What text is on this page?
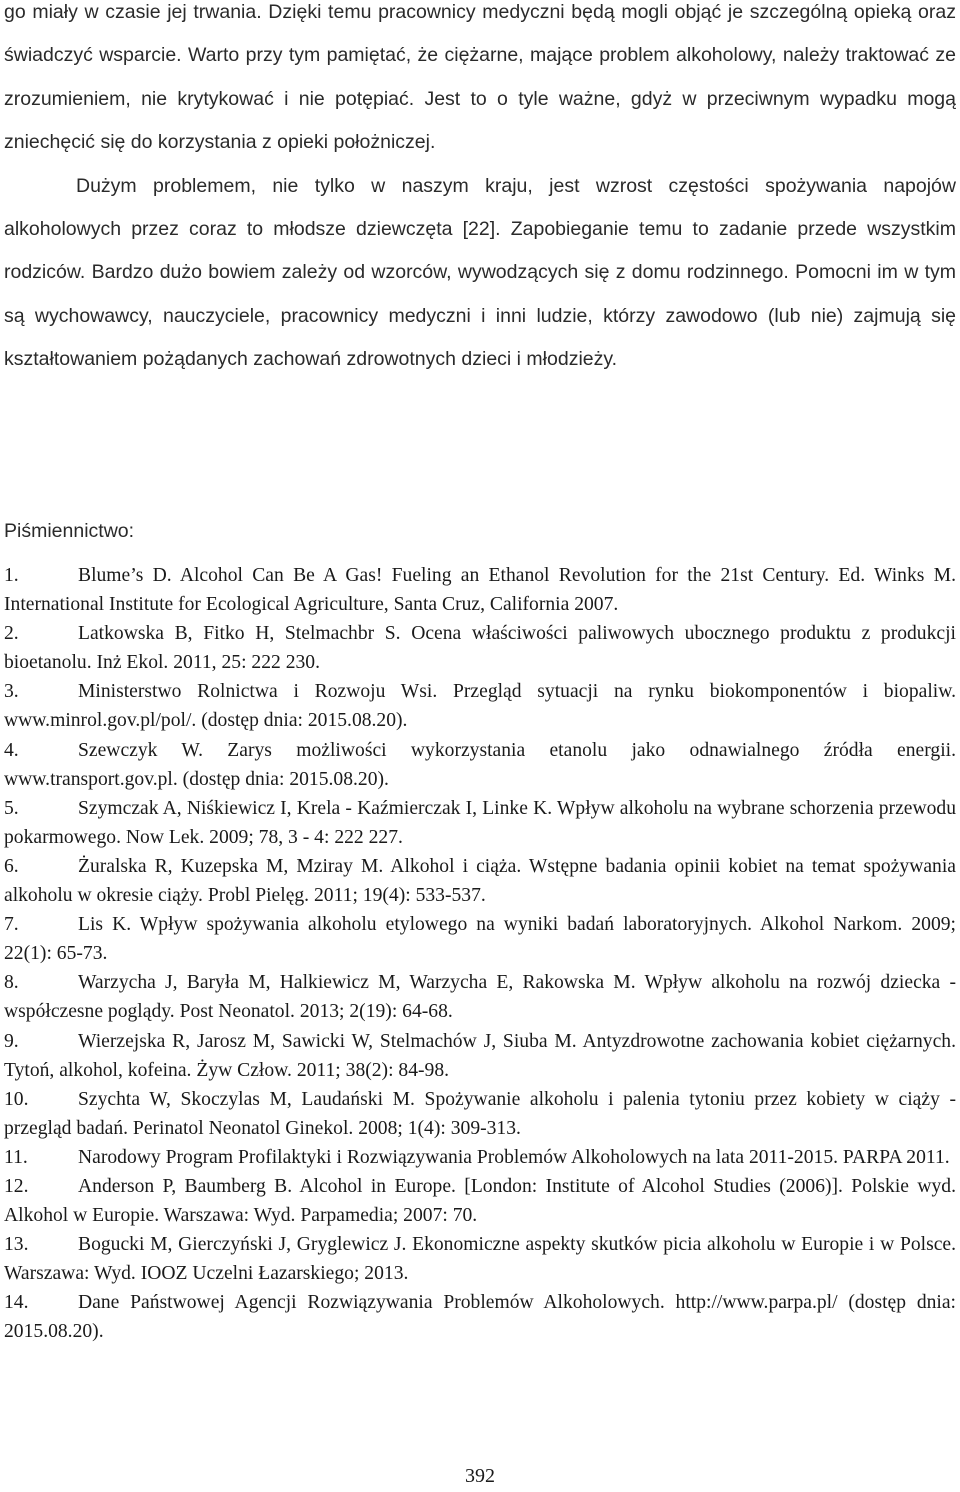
go miały w czasie jej trwania. Dzięki temu pracownicy medyczni będą mogli objąć je szczególną opieką oraz świadczyć wsparcie. Warto przy tym pamiętać, że ciężarne, mające problem alkoholowy, należy traktować ze zrozumieniem, nie krytykować i nie potępiać. Jest to o tyle ważne, gdyż w przeciwnym wypadku mogą zniechęcić się do korzystania z opieki położniczej.

Dużym problemem, nie tylko w naszym kraju, jest wzrost częstości spożywania napojów alkoholowych przez coraz to młodsze dziewczęta [22]. Zapobieganie temu to zadanie przede wszystkim rodziców. Bardzo dużo bowiem zależy od wzorców, wywodzących się z domu rodzinnego. Pomocni im w tym są wychowawcy, nauczyciele, pracownicy medyczni i inni ludzie, którzy zawodowo (lub nie) zajmują się kształtowaniem pożądanych zachowań zdrowotnych dzieci i młodzieży.

Piśmiennictwo:

1.	Blume’s D. Alcohol Can Be A Gas! Fueling an Ethanol Revolution for the 21st Century. Ed. Winks M. International Institute for Ecological Agriculture, Santa Cruz, California 2007.
2.	Latkowska B, Fitko H, Stelmachbr S. Ocena właściwości paliwowych ubocznego produktu z produkcji bioetanolu. Inż Ekol. 2011, 25: 222 230.
3.	Ministerstwo Rolnictwa i Rozwoju Wsi. Przegląd sytuacji na rynku biokomponentów i biopaliw. www.minrol.gov.pl/pol/. (dostęp dnia: 2015.08.20).
4.	Szewczyk W. Zarys możliwości wykorzystania etanolu jako odnawialnego źródła energii. www.transport.gov.pl. (dostęp dnia: 2015.08.20).
5.	Szymczak A, Niśkiewicz I, Krela - Kaźmierczak I, Linke K. Wpływ alkoholu na wybrane schorzenia przewodu pokarmowego. Now Lek. 2009; 78, 3 - 4: 222 227.
6.	Żuralska R, Kuzepska M, Mziray M. Alkohol i ciąża. Wstępne badania opinii kobiet na temat spożywania alkoholu w okresie ciąży. Probl Pielęg. 2011; 19(4): 533-537.
7.	Lis K. Wpływ spożywania alkoholu etylowego na wyniki badań laboratoryjnych. Alkohol Narkom. 2009; 22(1): 65-73.
8.	Warzycha J, Baryła M, Halkiewicz M, Warzycha E, Rakowska M. Wpływ alkoholu na rozwój dziecka - współczesne poglądy. Post Neonatol. 2013; 2(19): 64-68.
9.	Wierzejska R, Jarosz M, Sawicki W, Stelmachów J, Siuba M. Antyzdrowotne zachowania kobiet ciężarnych. Tytoń, alkohol, kofeina. Żyw Człow. 2011; 38(2): 84-98.
10.	Szychta W, Skoczylas M, Laudański M. Spożywanie alkoholu i palenia tytoniu przez kobiety w ciąży - przegląd badań. Perinatol Neonatol Ginekol. 2008; 1(4): 309-313.
11.	Narodowy Program Profilaktyki i Rozwiązywania Problemów Alkoholowych na lata 2011-2015. PARPA 2011.
12.	Anderson P, Baumberg B. Alcohol in Europe. [London: Institute of Alcohol Studies (2006)]. Polskie wyd. Alkohol w Europie. Warszawa: Wyd. Parpamedia; 2007: 70.
13.	Bogucki M, Gierczyński J, Gryglewicz J. Ekonomiczne aspekty skutków picia alkoholu w Europie i w Polsce. Warszawa: Wyd. IOOZ Uczelni Łazarskiego; 2013.
14.	Dane Państwowej Agencji Rozwiązywania Problemów Alkoholowych. http://www.parpa.pl/ (dostęp dnia: 2015.08.20).
392
